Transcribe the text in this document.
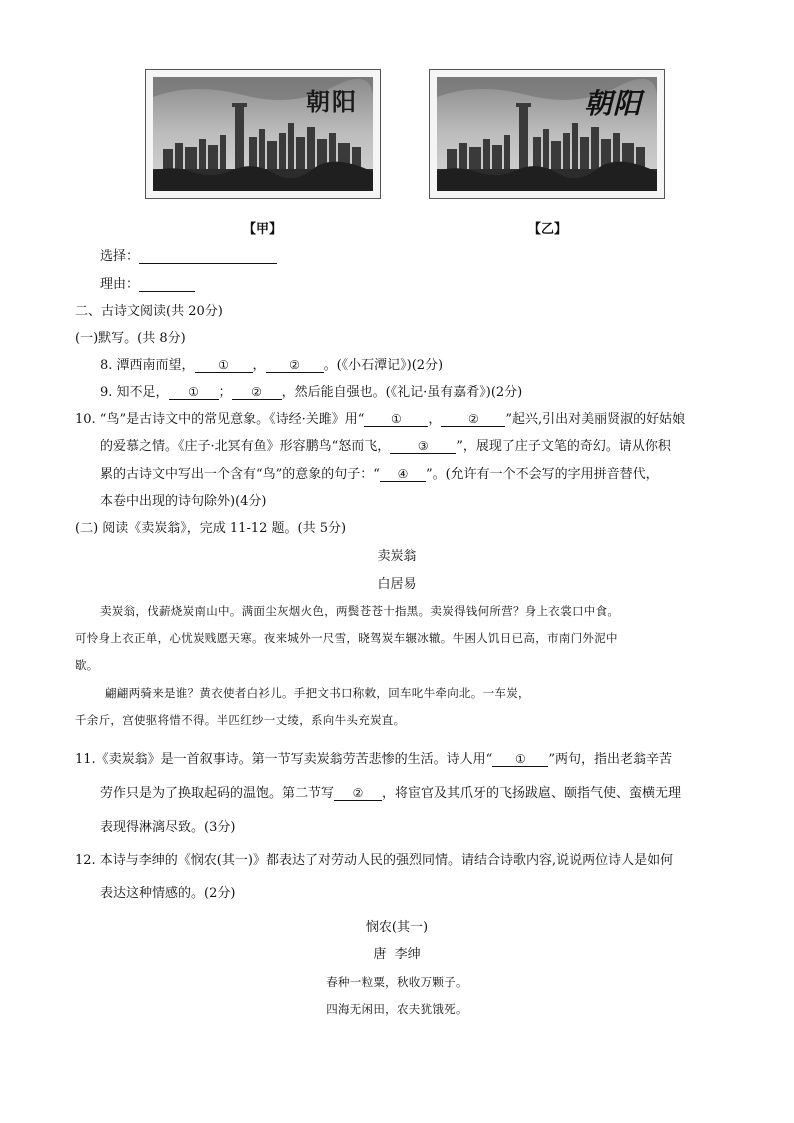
朝阳	朝阳
【甲】	【乙】
选择：
理由：
二、古诗文阅读(共 20分)
(一)默写。(共 8分)
8. 潭西南而望， ① ， ② 。(《小石潭记》)(2分)
9. 知不足， ① ； ② ，然后能自强也。(《礼记·虽有嘉肴》)(2分)
10. “鸟”是古诗文中的常见意象。《诗经·关雎》用“ ① ， ② ”起兴,引出对美丽贤淑的好姑娘
的爱慕之情。《庄子·北冥有鱼》形容鹏鸟“怒而飞， ③ ”，展现了庄子文笔的奇幻。请从你积
累的古诗文中写出一个含有“鸟”的意象的句子：“ ④ ”。(允许有一个不会写的字用拼音替代，
本卷中出现的诗句除外)(4分)
(二) 阅读《卖炭翁》，完成 11-12 题。(共 5分)
卖炭翁
白居易
卖炭翁，伐薪烧炭南山中。满面尘灰烟火色，两鬓苍苍十指黑。卖炭得钱何所营？身上衣裳口中食。
可怜身上衣正单，心忧炭贱愿天寒。夜来城外一尺雪，晓驾炭车辗冰辙。牛困人饥日已高，市南门外泥中
歇。
翩翩两骑来是谁？黄衣使者白衫儿。手把文书口称敕，回车叱牛牵向北。一车炭，
千余斤，宫使驱将惜不得。半匹红纱一丈绫，系向牛头充炭直。
11.《卖炭翁》是一首叙事诗。第一节写卖炭翁劳苦悲惨的生活。诗人用“ ① ”两句，指出老翁辛苦
劳作只是为了换取起码的温饱。第二节写 ② ，将宦官及其爪牙的飞扬跋扈、颐指气使、蛮横无理
表现得淋漓尽致。(3分)
12. 本诗与李绅的《悯农(其一)》都表达了对劳动人民的强烈同情。请结合诗歌内容,说说两位诗人是如何
表达这种情感的。(2分)
悯农(其一)
唐  李绅
春种一粒粟，秋收万颗子。
四海无闲田，农夫犹饿死。
